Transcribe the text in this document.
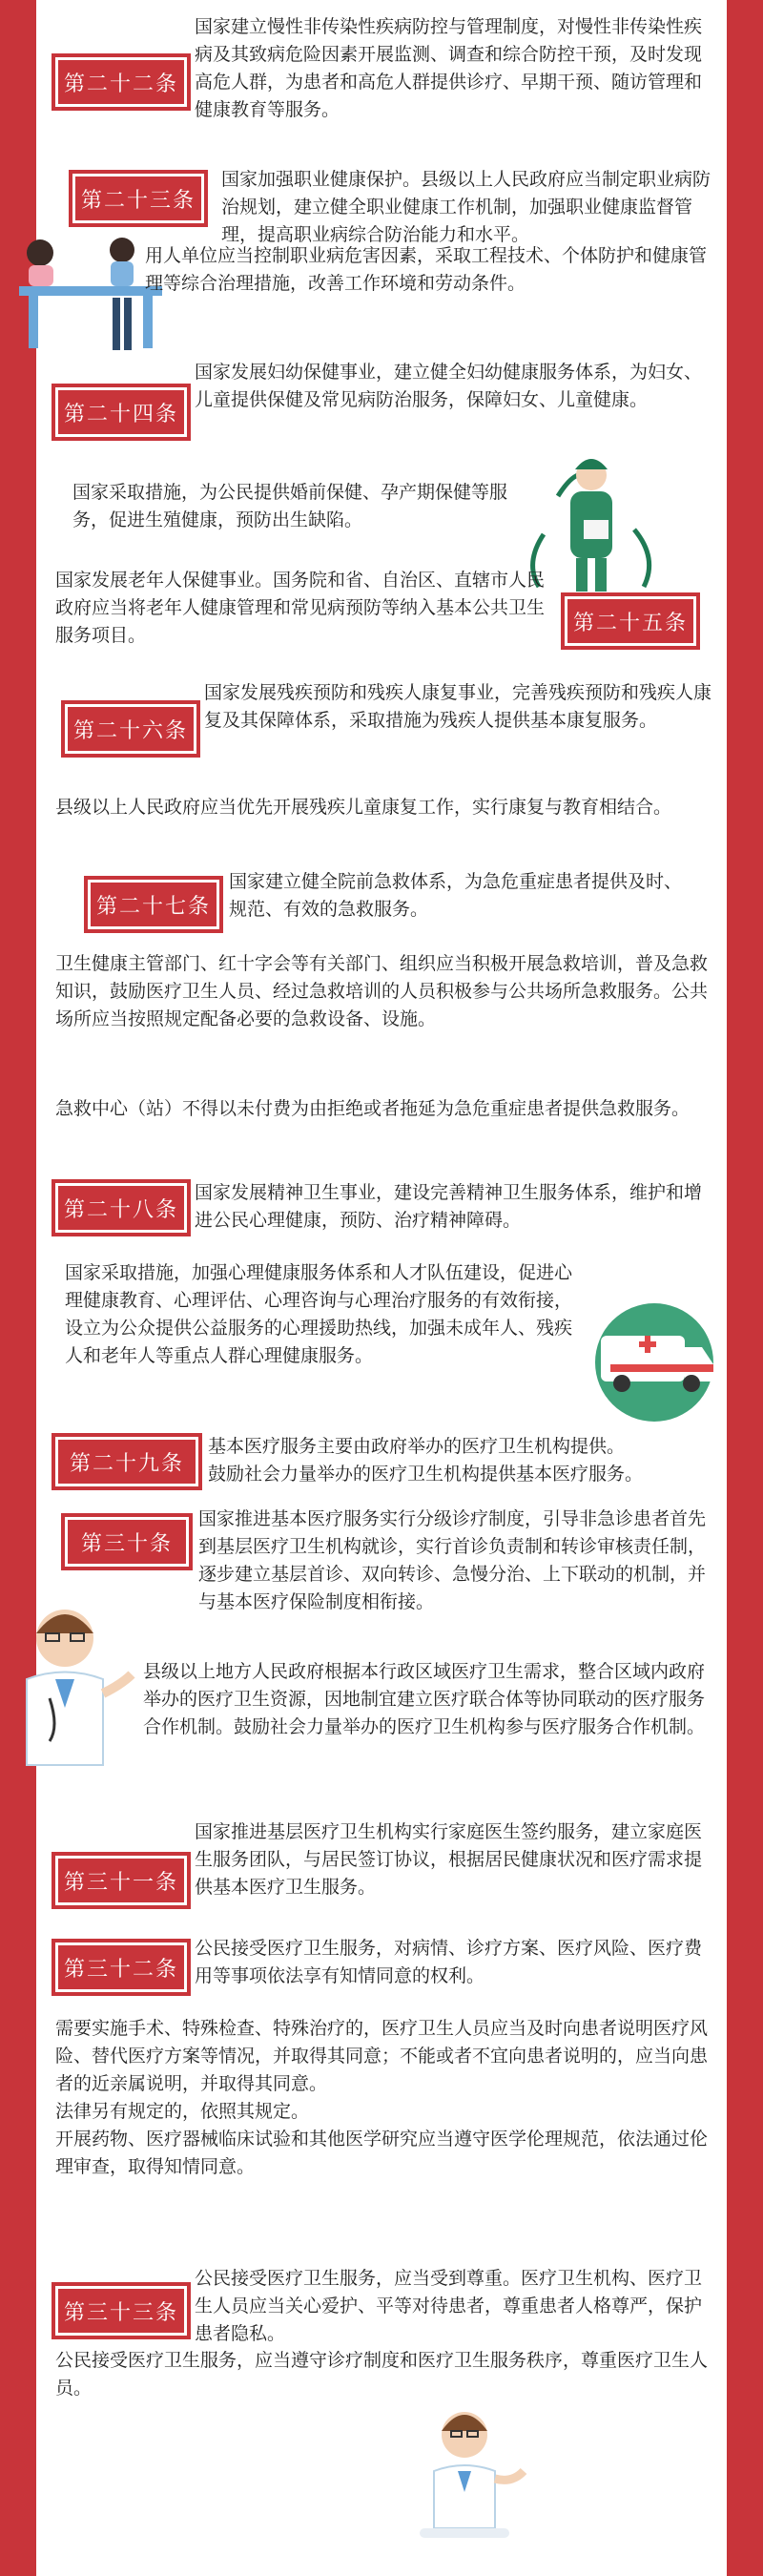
第二十二条
国家建立慢性非传染性疾病防控与管理制度，对慢性非传染性疾病及其致病危险因素开展监测、调查和综合防控干预，及时发现高危人群，为患者和高危人群提供诊疗、早期干预、随访管理和健康教育等服务。
第二十三条
国家加强职业健康保护。县级以上人民政府应当制定职业病防治规划，建立健全职业健康工作机制，加强职业健康监督管理，提高职业病综合防治能力和水平。
用人单位应当控制职业病危害因素，采取工程技术、个体防护和健康管理等综合治理措施，改善工作环境和劳动条件。
第二十四条
国家发展妇幼保健事业，建立健全妇幼健康服务体系，为妇女、儿童提供保健及常见病防治服务，保障妇女、儿童健康。
国家采取措施，为公民提供婚前保健、孕产期保健等服务，促进生殖健康，预防出生缺陷。
第二十五条
国家发展老年人保健事业。国务院和省、自治区、直辖市人民政府应当将老年人健康管理和常见病预防等纳入基本公共卫生服务项目。
第二十六条
国家发展残疾预防和残疾人康复事业，完善残疾预防和残疾人康复及其保障体系，采取措施为残疾人提供基本康复服务。
县级以上人民政府应当优先开展残疾儿童康复工作，实行康复与教育相结合。
第二十七条
国家建立健全院前急救体系，为急危重症患者提供及时、规范、有效的急救服务。
卫生健康主管部门、红十字会等有关部门、组织应当积极开展急救培训，普及急救知识，鼓励医疗卫生人员、经过急救培训的人员积极参与公共场所急救服务。公共场所应当按照规定配备必要的急救设备、设施。
急救中心（站）不得以未付费为由拒绝或者拖延为急危重症患者提供急救服务。
第二十八条
国家发展精神卫生事业，建设完善精神卫生服务体系，维护和增进公民心理健康，预防、治疗精神障碍。
国家采取措施，加强心理健康服务体系和人才队伍建设，促进心理健康教育、心理评估、心理咨询与心理治疗服务的有效衔接，设立为公众提供公益服务的心理援助热线，加强未成年人、残疾人和老年人等重点人群心理健康服务。
第二十九条
基本医疗服务主要由政府举办的医疗卫生机构提供。
鼓励社会力量举办的医疗卫生机构提供基本医疗服务。
第三十条
国家推进基本医疗服务实行分级诊疗制度，引导非急诊患者首先到基层医疗卫生机构就诊，实行首诊负责制和转诊审核责任制，逐步建立基层首诊、双向转诊、急慢分治、上下联动的机制，并与基本医疗保险制度相衔接。
县级以上地方人民政府根据本行政区域医疗卫生需求，整合区域内政府举办的医疗卫生资源，因地制宜建立医疗联合体等协同联动的医疗服务合作机制。鼓励社会力量举办的医疗卫生机构参与医疗服务合作机制。
第三十一条
国家推进基层医疗卫生机构实行家庭医生签约服务，建立家庭医生服务团队，与居民签订协议，根据居民健康状况和医疗需求提供基本医疗卫生服务。
第三十二条
公民接受医疗卫生服务，对病情、诊疗方案、医疗风险、医疗费用等事项依法享有知情同意的权利。
需要实施手术、特殊检查、特殊治疗的，医疗卫生人员应当及时向患者说明医疗风险、替代医疗方案等情况，并取得其同意；不能或者不宜向患者说明的，应当向患者的近亲属说明，并取得其同意。
法律另有规定的，依照其规定。
开展药物、医疗器械临床试验和其他医学研究应当遵守医学伦理规范，依法通过伦理审查，取得知情同意。
第三十三条
公民接受医疗卫生服务，应当受到尊重。医疗卫生机构、医疗卫生人员应当关心爱护、平等对待患者，尊重患者人格尊严，保护患者隐私。
公民接受医疗卫生服务，应当遵守诊疗制度和医疗卫生服务秩序，尊重医疗卫生人员。
